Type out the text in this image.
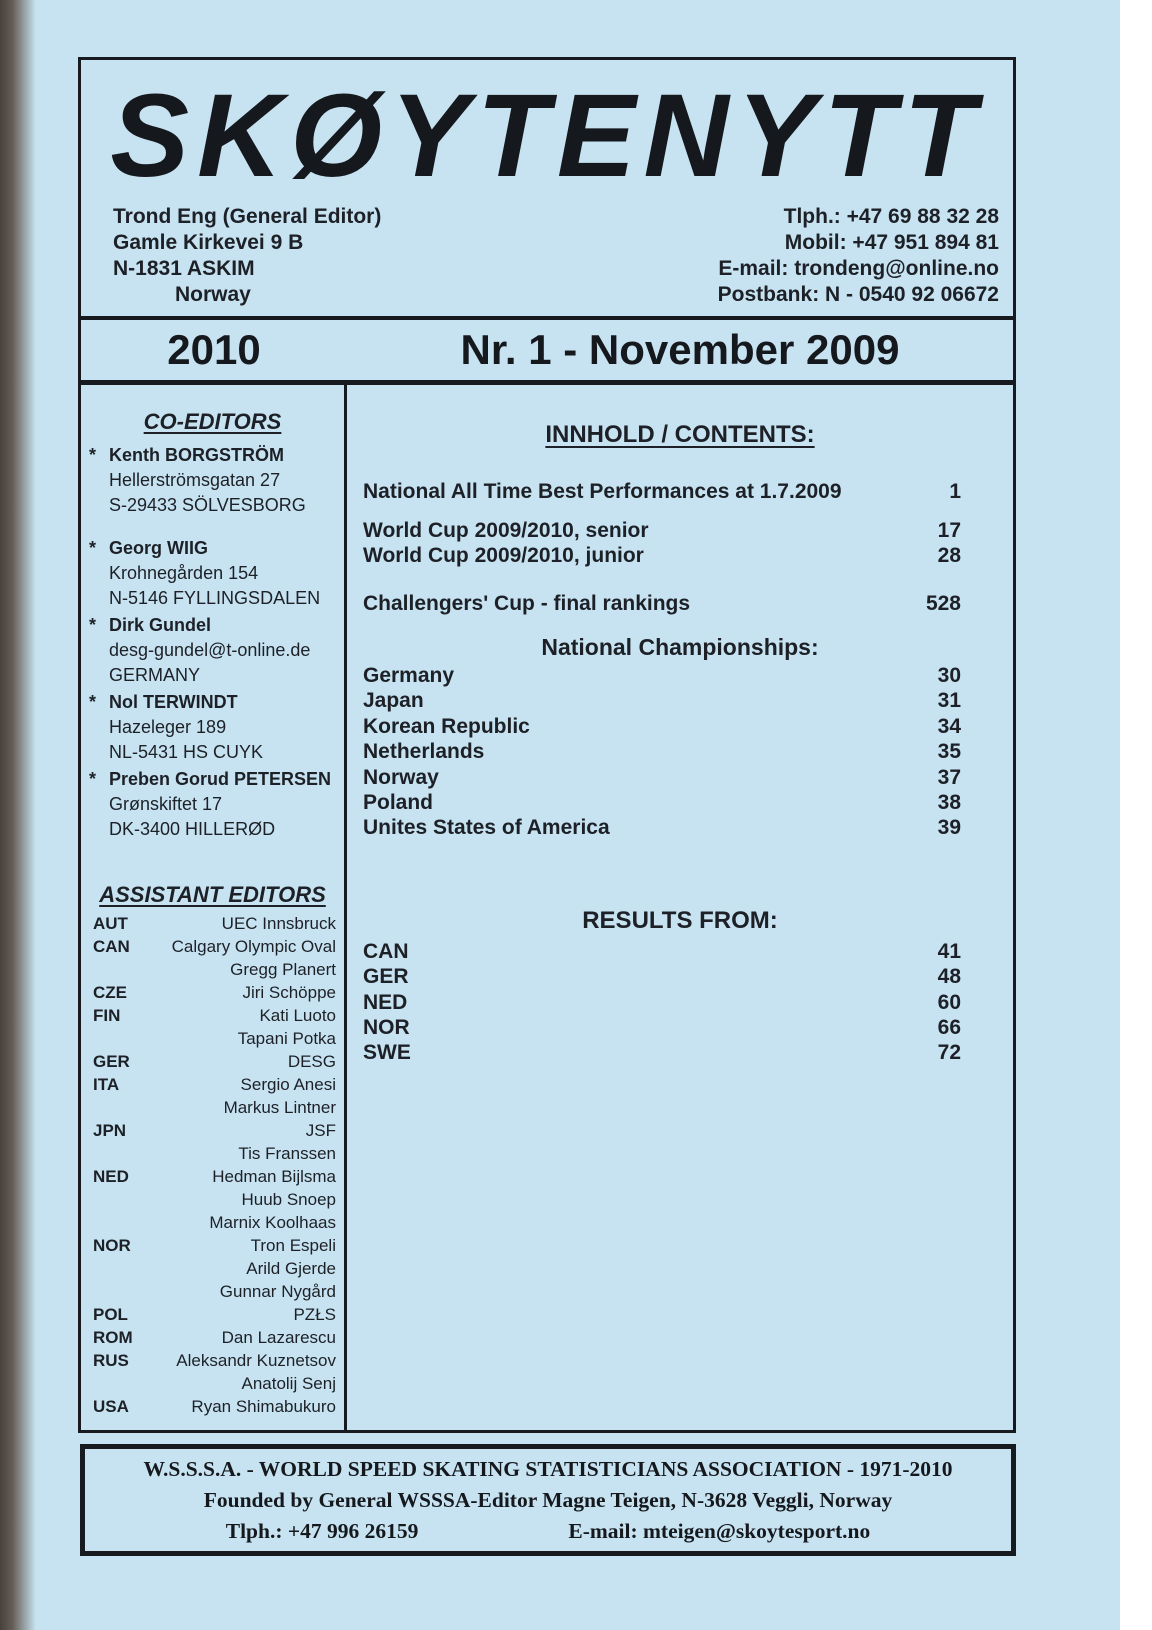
SKØYTENYTT
Trond Eng (General Editor)
Gamle Kirkevei 9 B
N-1831 ASKIM
Norway
Tlph.: +47 69 88 32 28
Mobil: +47 951 894 81
E-mail: trondeng@online.no
Postbank: N - 0540 92 06672
2010	Nr. 1 - November 2009
CO-EDITORS
* Kenth BORGSTRÖM
Hellerströmsgatan 27
S-29433 SÖLVESBORG
* Georg WIIG
Krohnegården 154
N-5146 FYLLINGSDALEN
* Dirk Gundel
desg-gundel@t-online.de
GERMANY
* Nol TERWINDT
Hazeleger 189
NL-5431 HS CUYK
* Preben Gorud PETERSEN
Grønskiftet 17
DK-3400 HILLERØD
ASSISTANT EDITORS
AUT	UEC Innsbruck
CAN	Calgary Olympic Oval
Gregg Planert
CZE	Jiri Schöppe
FIN	Kati Luoto
Tapani Potka
GER	DESG
ITA	Sergio Anesi
Markus Lintner
JPN	JSF
Tis Franssen
NED	Hedman Bijlsma
Huub Snoep
Marnix Koolhaas
NOR	Tron Espeli
Arild Gjerde
Gunnar Nygård
POL	PZŁS
ROM	Dan Lazarescu
RUS	Aleksandr Kuznetsov
Anatolij Senj
USA	Ryan Shimabukuro
INNHOLD / CONTENTS:
National All Time Best Performances at 1.7.2009	1
World Cup 2009/2010, senior	17
World Cup 2009/2010, junior	28
Challengers' Cup - final rankings	528
National Championships:
Germany	30
Japan	31
Korean Republic	34
Netherlands	35
Norway	37
Poland	38
Unites States of America	39
RESULTS FROM:
CAN	41
GER	48
NED	60
NOR	66
SWE	72
W.S.S.S.A. - WORLD SPEED SKATING STATISTICIANS ASSOCIATION - 1971-2010
Founded by General WSSSA-Editor Magne Teigen, N-3628 Veggli, Norway
Tlph.: +47 996 26159	E-mail: mteigen@skoytesport.no
